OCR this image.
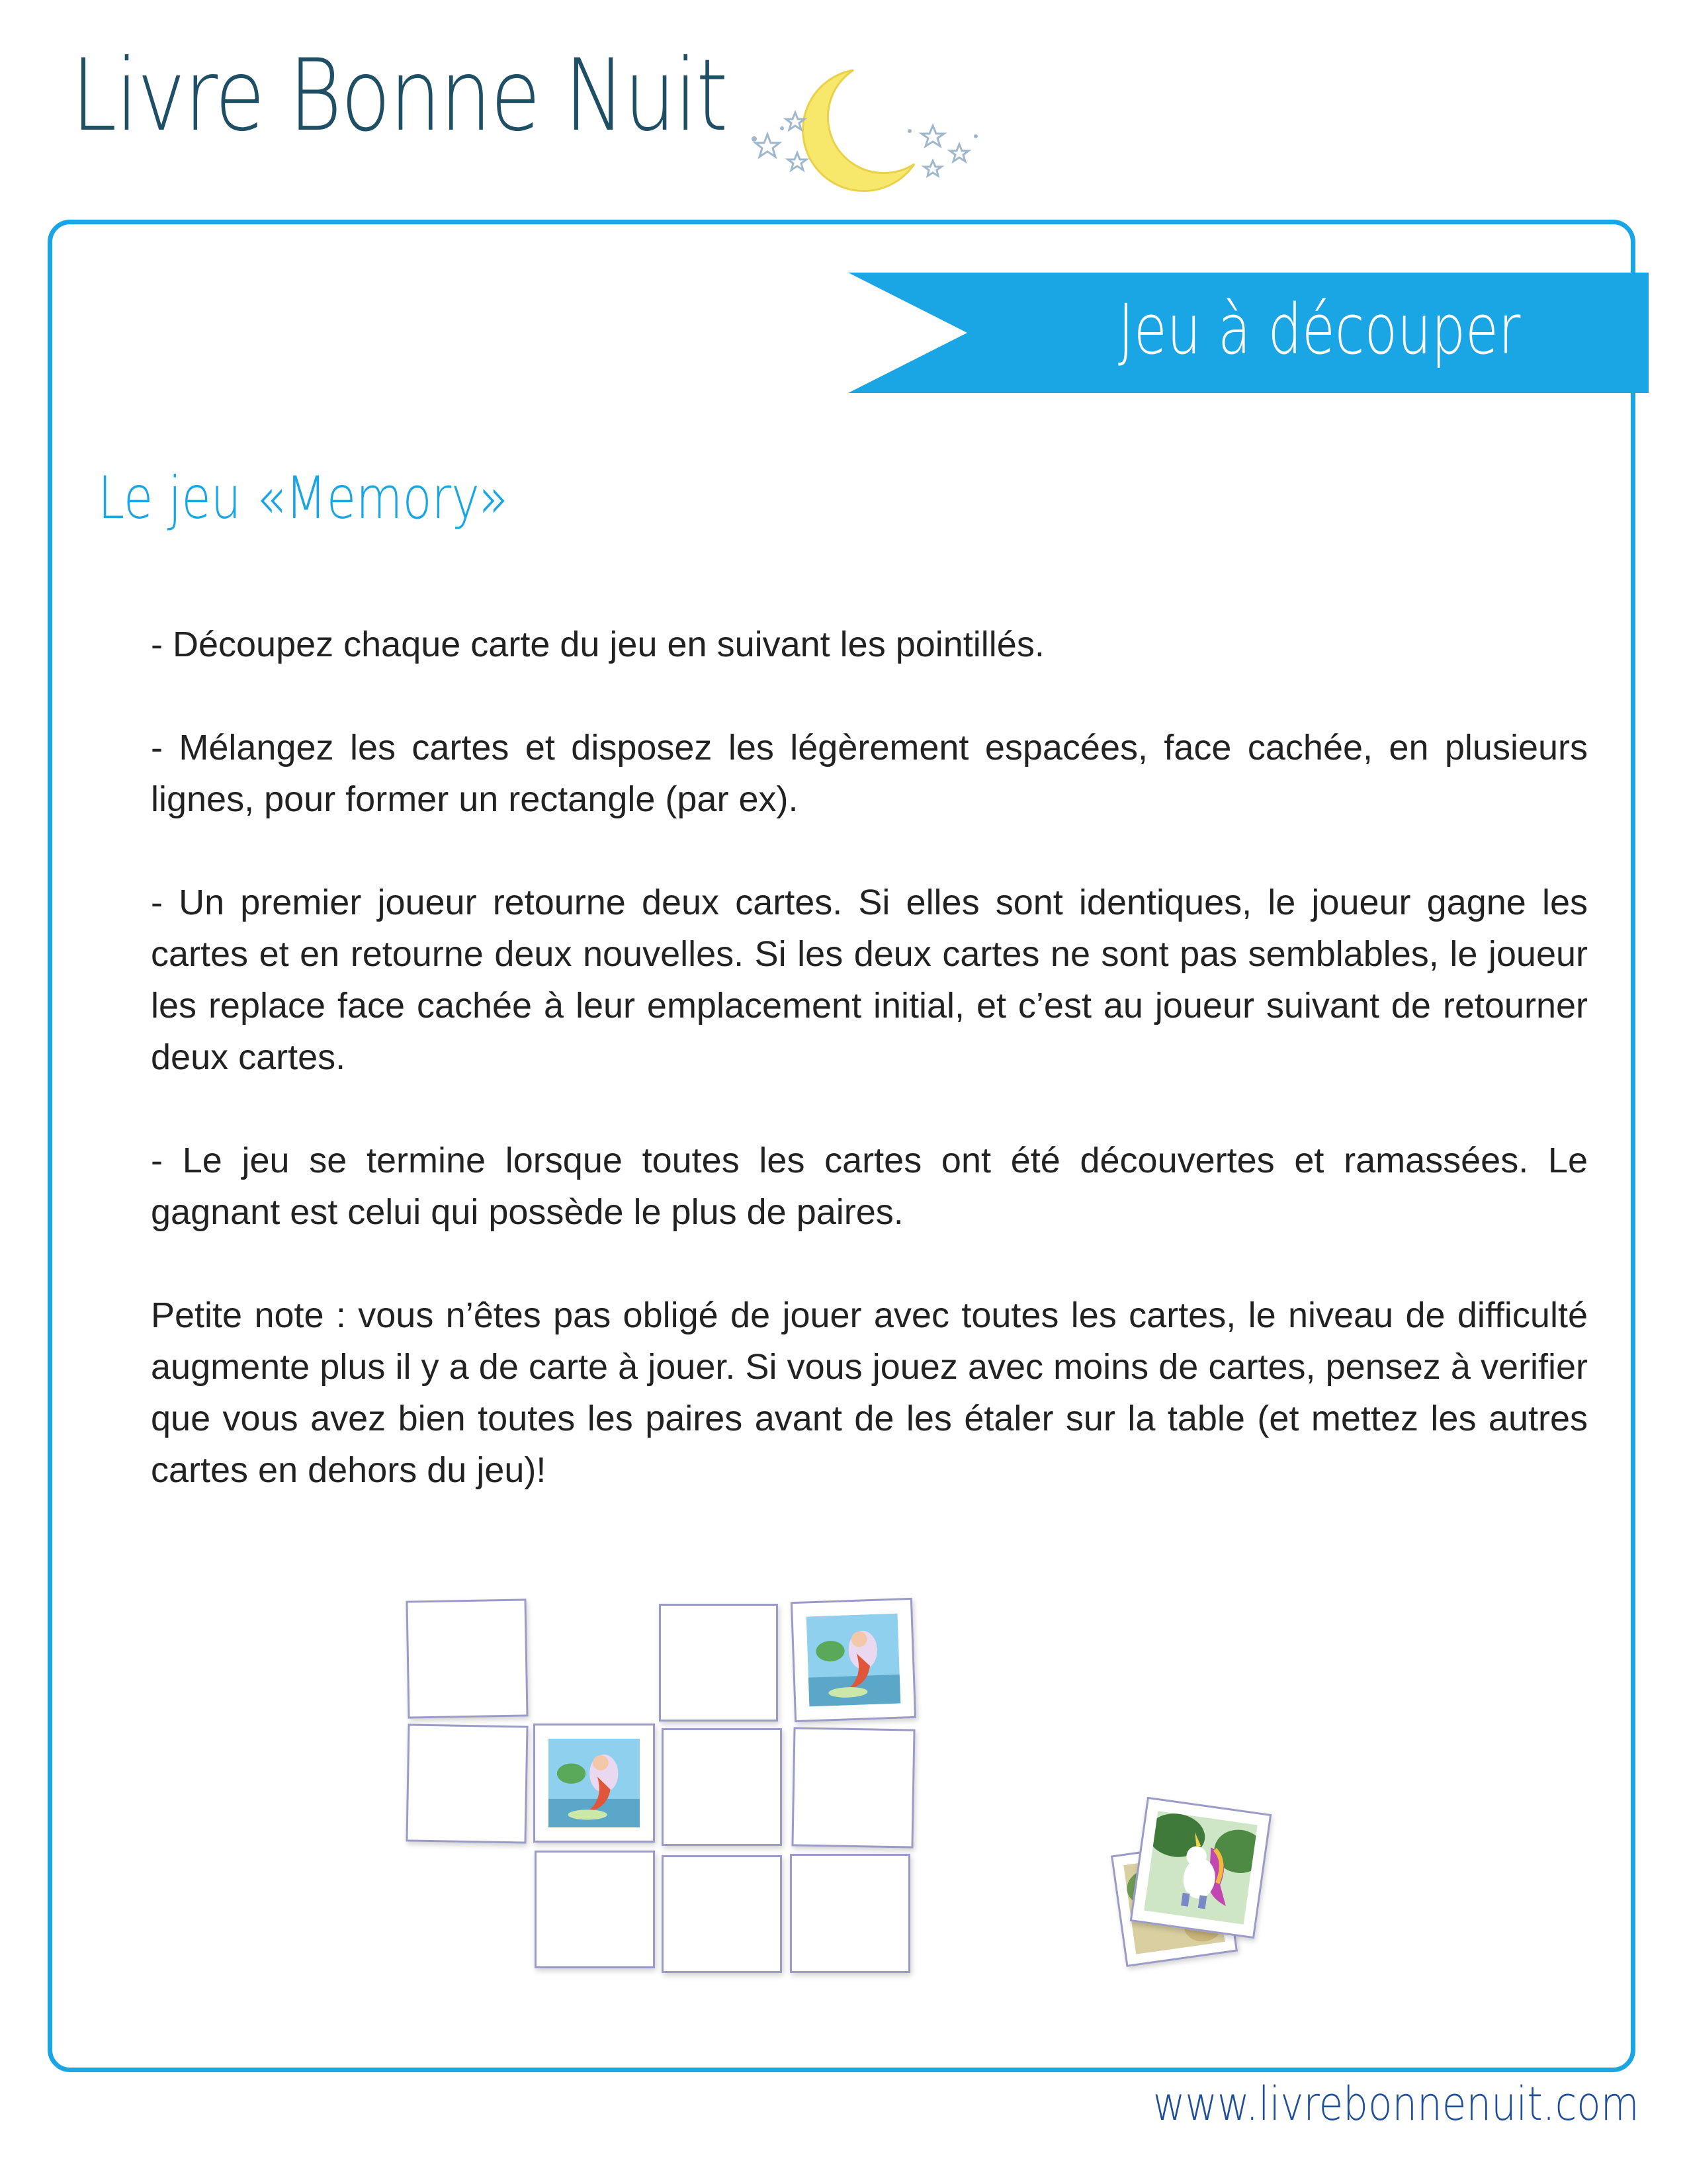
Livre Bonne Nuit
Jeu à découper
Le jeu «Memory»

- Découpez chaque carte du jeu en suivant les pointillés.

- Mélangez les cartes et disposez les légèrement espacées, face cachée, en plusieurs lignes, pour former un rectangle (par ex).

- Un premier joueur retourne deux cartes. Si elles sont identiques, le joueur gagne les cartes et en retourne deux nouvelles. Si les deux cartes ne sont pas semblables, le joueur les replace face cachée à leur emplacement initial, et c’est au joueur suivant de retourner deux cartes.

- Le jeu se termine lorsque toutes les cartes ont été découvertes et ramassées. Le gagnant est celui qui possède le plus de paires.

Petite note : vous n’êtes pas obligé de jouer avec toutes les cartes, le niveau de difficulté augmente plus il y a de carte à jouer. Si vous jouez avec moins de cartes, pensez à verifier que vous avez bien toutes les paires avant de les étaler sur la table (et mettez les autres cartes en dehors du jeu)!

www.livrebonnenuit.com
